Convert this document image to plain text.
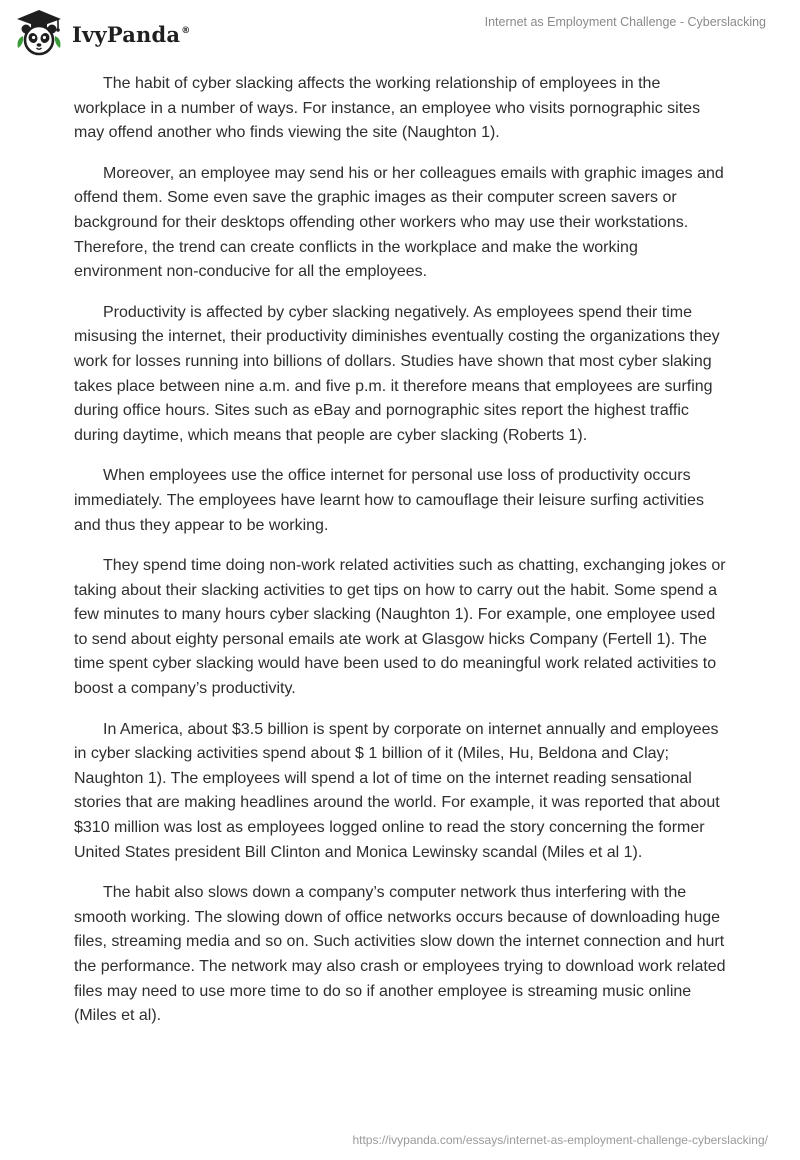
IvyPanda®
Internet as Employment Challenge - Cyberslacking

The habit of cyber slacking affects the working relationship of employees in the workplace in a number of ways. For instance, an employee who visits pornographic sites may offend another who finds viewing the site (Naughton 1).

Moreover, an employee may send his or her colleagues emails with graphic images and offend them. Some even save the graphic images as their computer screen savers or background for their desktops offending other workers who may use their workstations. Therefore, the trend can create conflicts in the workplace and make the working environment non-conducive for all the employees.

Productivity is affected by cyber slacking negatively. As employees spend their time misusing the internet, their productivity diminishes eventually costing the organizations they work for losses running into billions of dollars. Studies have shown that most cyber slaking takes place between nine a.m. and five p.m. it therefore means that employees are surfing during office hours. Sites such as eBay and pornographic sites report the highest traffic during daytime, which means that people are cyber slacking (Roberts 1).

When employees use the office internet for personal use loss of productivity occurs immediately. The employees have learnt how to camouflage their leisure surfing activities and thus they appear to be working.

They spend time doing non-work related activities such as chatting, exchanging jokes or taking about their slacking activities to get tips on how to carry out the habit. Some spend a few minutes to many hours cyber slacking (Naughton 1). For example, one employee used to send about eighty personal emails ate work at Glasgow hicks Company (Fertell 1). The time spent cyber slacking would have been used to do meaningful work related activities to boost a company’s productivity.

In America, about $3.5 billion is spent by corporate on internet annually and employees in cyber slacking activities spend about $ 1 billion of it (Miles, Hu, Beldona and Clay; Naughton 1). The employees will spend a lot of time on the internet reading sensational stories that are making headlines around the world. For example, it was reported that about $310 million was lost as employees logged online to read the story concerning the former United States president Bill Clinton and Monica Lewinsky scandal (Miles et al 1).

The habit also slows down a company’s computer network thus interfering with the smooth working. The slowing down of office networks occurs because of downloading huge files, streaming media and so on. Such activities slow down the internet connection and hurt the performance. The network may also crash or employees trying to download work related files may need to use more time to do so if another employee is streaming music online (Miles et al).

https://ivypanda.com/essays/internet-as-employment-challenge-cyberslacking/
